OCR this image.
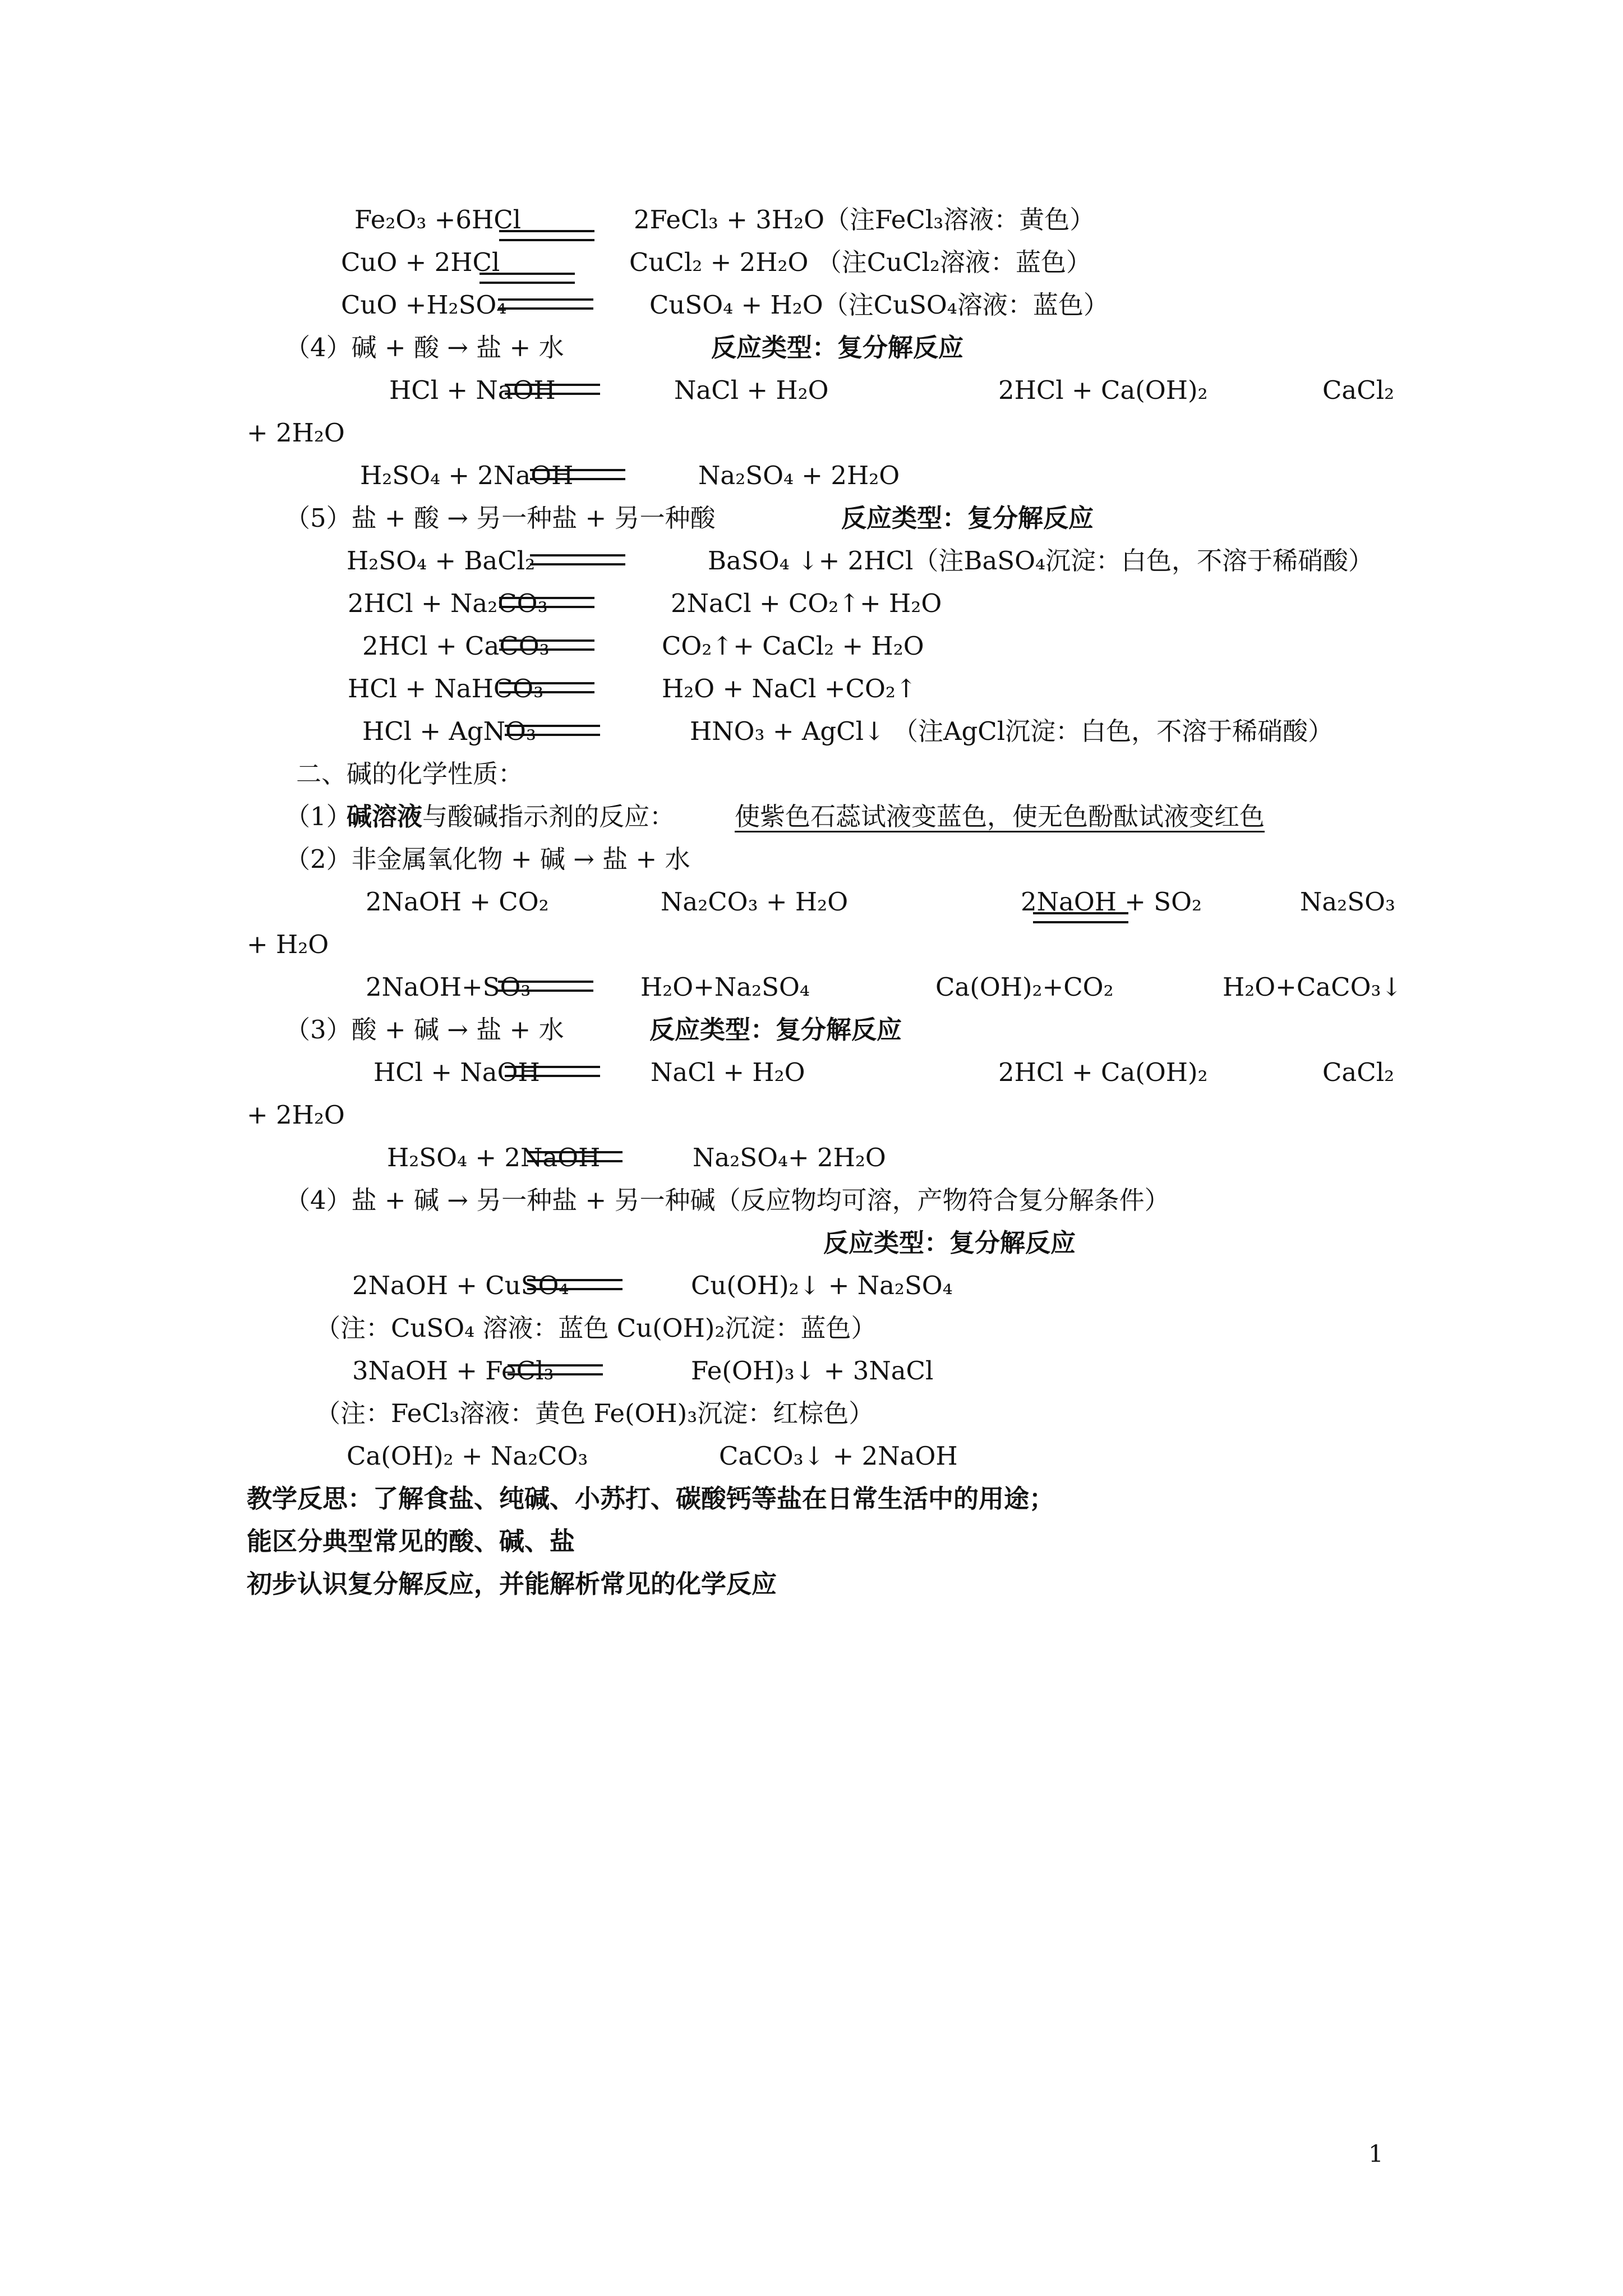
Fe₂O₃ +6HCl	2FeCl₃ + 3H₂O（注FeCl₃溶液：黄色）
CuO + 2HCl	CuCl₂ + 2H₂O （注CuCl₂溶液：蓝色）
CuO +H₂SO₄	CuSO₄ + H₂O（注CuSO₄溶液：蓝色）
（4）碱 + 酸 → 盐 + 水	反应类型：复分解反应
HCl + NaOH	NaCl + H₂O	2HCl + Ca(OH)₂	CaCl₂
+ 2H₂O
H₂SO₄ + 2NaOH	Na₂SO₄ + 2H₂O
（5）盐 + 酸 → 另一种盐 + 另一种酸	反应类型：复分解反应
H₂SO₄ + BaCl₂	BaSO₄ ↓+ 2HCl（注BaSO₄沉淀：白色，不溶于稀硝酸）
2HCl + Na₂CO₃	2NaCl + CO₂↑+ H₂O
2HCl + CaCO₃	CO₂↑+ CaCl₂ + H₂O
HCl + NaHCO₃	H₂O + NaCl +CO₂↑
HCl + AgNO₃	HNO₃ + AgCl↓ （注AgCl沉淀：白色，不溶于稀硝酸）
二、碱的化学性质：
（1）
碱溶液 与酸碱指示剂的反应： 使紫色石蕊试液变蓝色，使无色酚酞试液变红色
（2）非金属氧化物 + 碱 → 盐 + 水
2NaOH + CO₂	Na₂CO₃ + H₂O	2NaOH + SO₂	Na₂SO₃
+ H₂O
2NaOH+SO₃	H₂O+Na₂SO₄	Ca(OH)₂+CO₂	H₂O+CaCO₃↓
（3）酸 + 碱 → 盐 + 水	反应类型：复分解反应
HCl + NaOH	NaCl + H₂O	2HCl + Ca(OH)₂	CaCl₂
+ 2H₂O
H₂SO₄ + 2NaOH	Na₂SO₄+ 2H₂O
（4）盐 + 碱 → 另一种盐 + 另一种碱（反应物均可溶，产物符合复分解条件）
反应类型：复分解反应
2NaOH + CuSO₄	Cu(OH)₂↓ + Na₂SO₄
（注：CuSO₄ 溶液：蓝色 Cu(OH)₂沉淀：蓝色）
3NaOH + FeCl₃	Fe(OH)₃↓ + 3NaCl
（注：FeCl₃溶液：黄色 Fe(OH)₃沉淀：红棕色）
Ca(OH)₂ + Na₂CO₃	CaCO₃↓ + 2NaOH
教学反思：了解食盐、纯碱、小苏打、碳酸钙等盐在日常生活中的用途；
能区分典型常见的酸、碱、盐
初步认识复分解反应，并能解析常见的化学反应
1
